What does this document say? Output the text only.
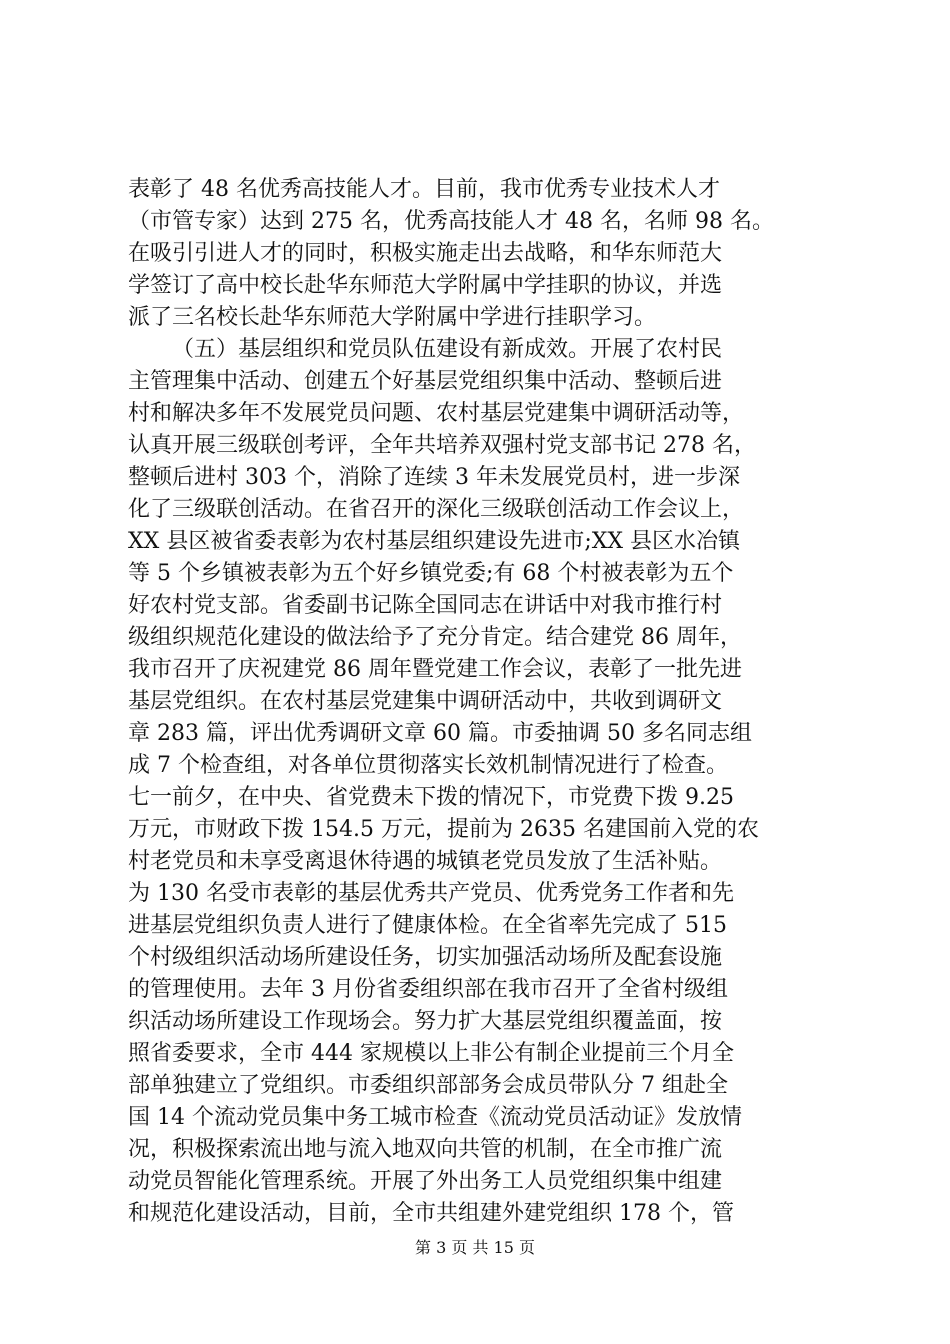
表彰了 48 名优秀高技能人才。目前，我市优秀专业技术人才
（市管专家）达到 275 名，优秀高技能人才 48 名，名师 98 名。
在吸引引进人才的同时，积极实施走出去战略，和华东师范大
学签订了高中校长赴华东师范大学附属中学挂职的协议，并选
派了三名校长赴华东师范大学附属中学进行挂职学习。
（五）基层组织和党员队伍建设有新成效。开展了农村民
主管理集中活动、创建五个好基层党组织集中活动、整顿后进
村和解决多年不发展党员问题、农村基层党建集中调研活动等，
认真开展三级联创考评，全年共培养双强村党支部书记 278 名，
整顿后进村 303 个，消除了连续 3 年未发展党员村，进一步深
化了三级联创活动。在省召开的深化三级联创活动工作会议上，
XX 县区被省委表彰为农村基层组织建设先进市;XX 县区水冶镇
等 5 个乡镇被表彰为五个好乡镇党委;有 68 个村被表彰为五个
好农村党支部。省委副书记陈全国同志在讲话中对我市推行村
级组织规范化建设的做法给予了充分肯定。结合建党 86 周年，
我市召开了庆祝建党 86 周年暨党建工作会议，表彰了一批先进
基层党组织。在农村基层党建集中调研活动中，共收到调研文
章 283 篇，评出优秀调研文章 60 篇。市委抽调 50 多名同志组
成 7 个检查组，对各单位贯彻落实长效机制情况进行了检查。
七一前夕，在中央、省党费未下拨的情况下，市党费下拨 9.25
万元，市财政下拨 154.5 万元，提前为 2635 名建国前入党的农
村老党员和未享受离退休待遇的城镇老党员发放了生活补贴。
为 130 名受市表彰的基层优秀共产党员、优秀党务工作者和先
进基层党组织负责人进行了健康体检。在全省率先完成了 515
个村级组织活动场所建设任务，切实加强活动场所及配套设施
的管理使用。去年 3 月份省委组织部在我市召开了全省村级组
织活动场所建设工作现场会。努力扩大基层党组织覆盖面，按
照省委要求，全市 444 家规模以上非公有制企业提前三个月全
部单独建立了党组织。市委组织部部务会成员带队分 7 组赴全
国 14 个流动党员集中务工城市检查《流动党员活动证》发放情
况，积极探索流出地与流入地双向共管的机制，在全市推广流
动党员智能化管理系统。开展了外出务工人员党组织集中组建
和规范化建设活动，目前，全市共组建外建党组织 178 个，管
第 3 页 共 15 页
